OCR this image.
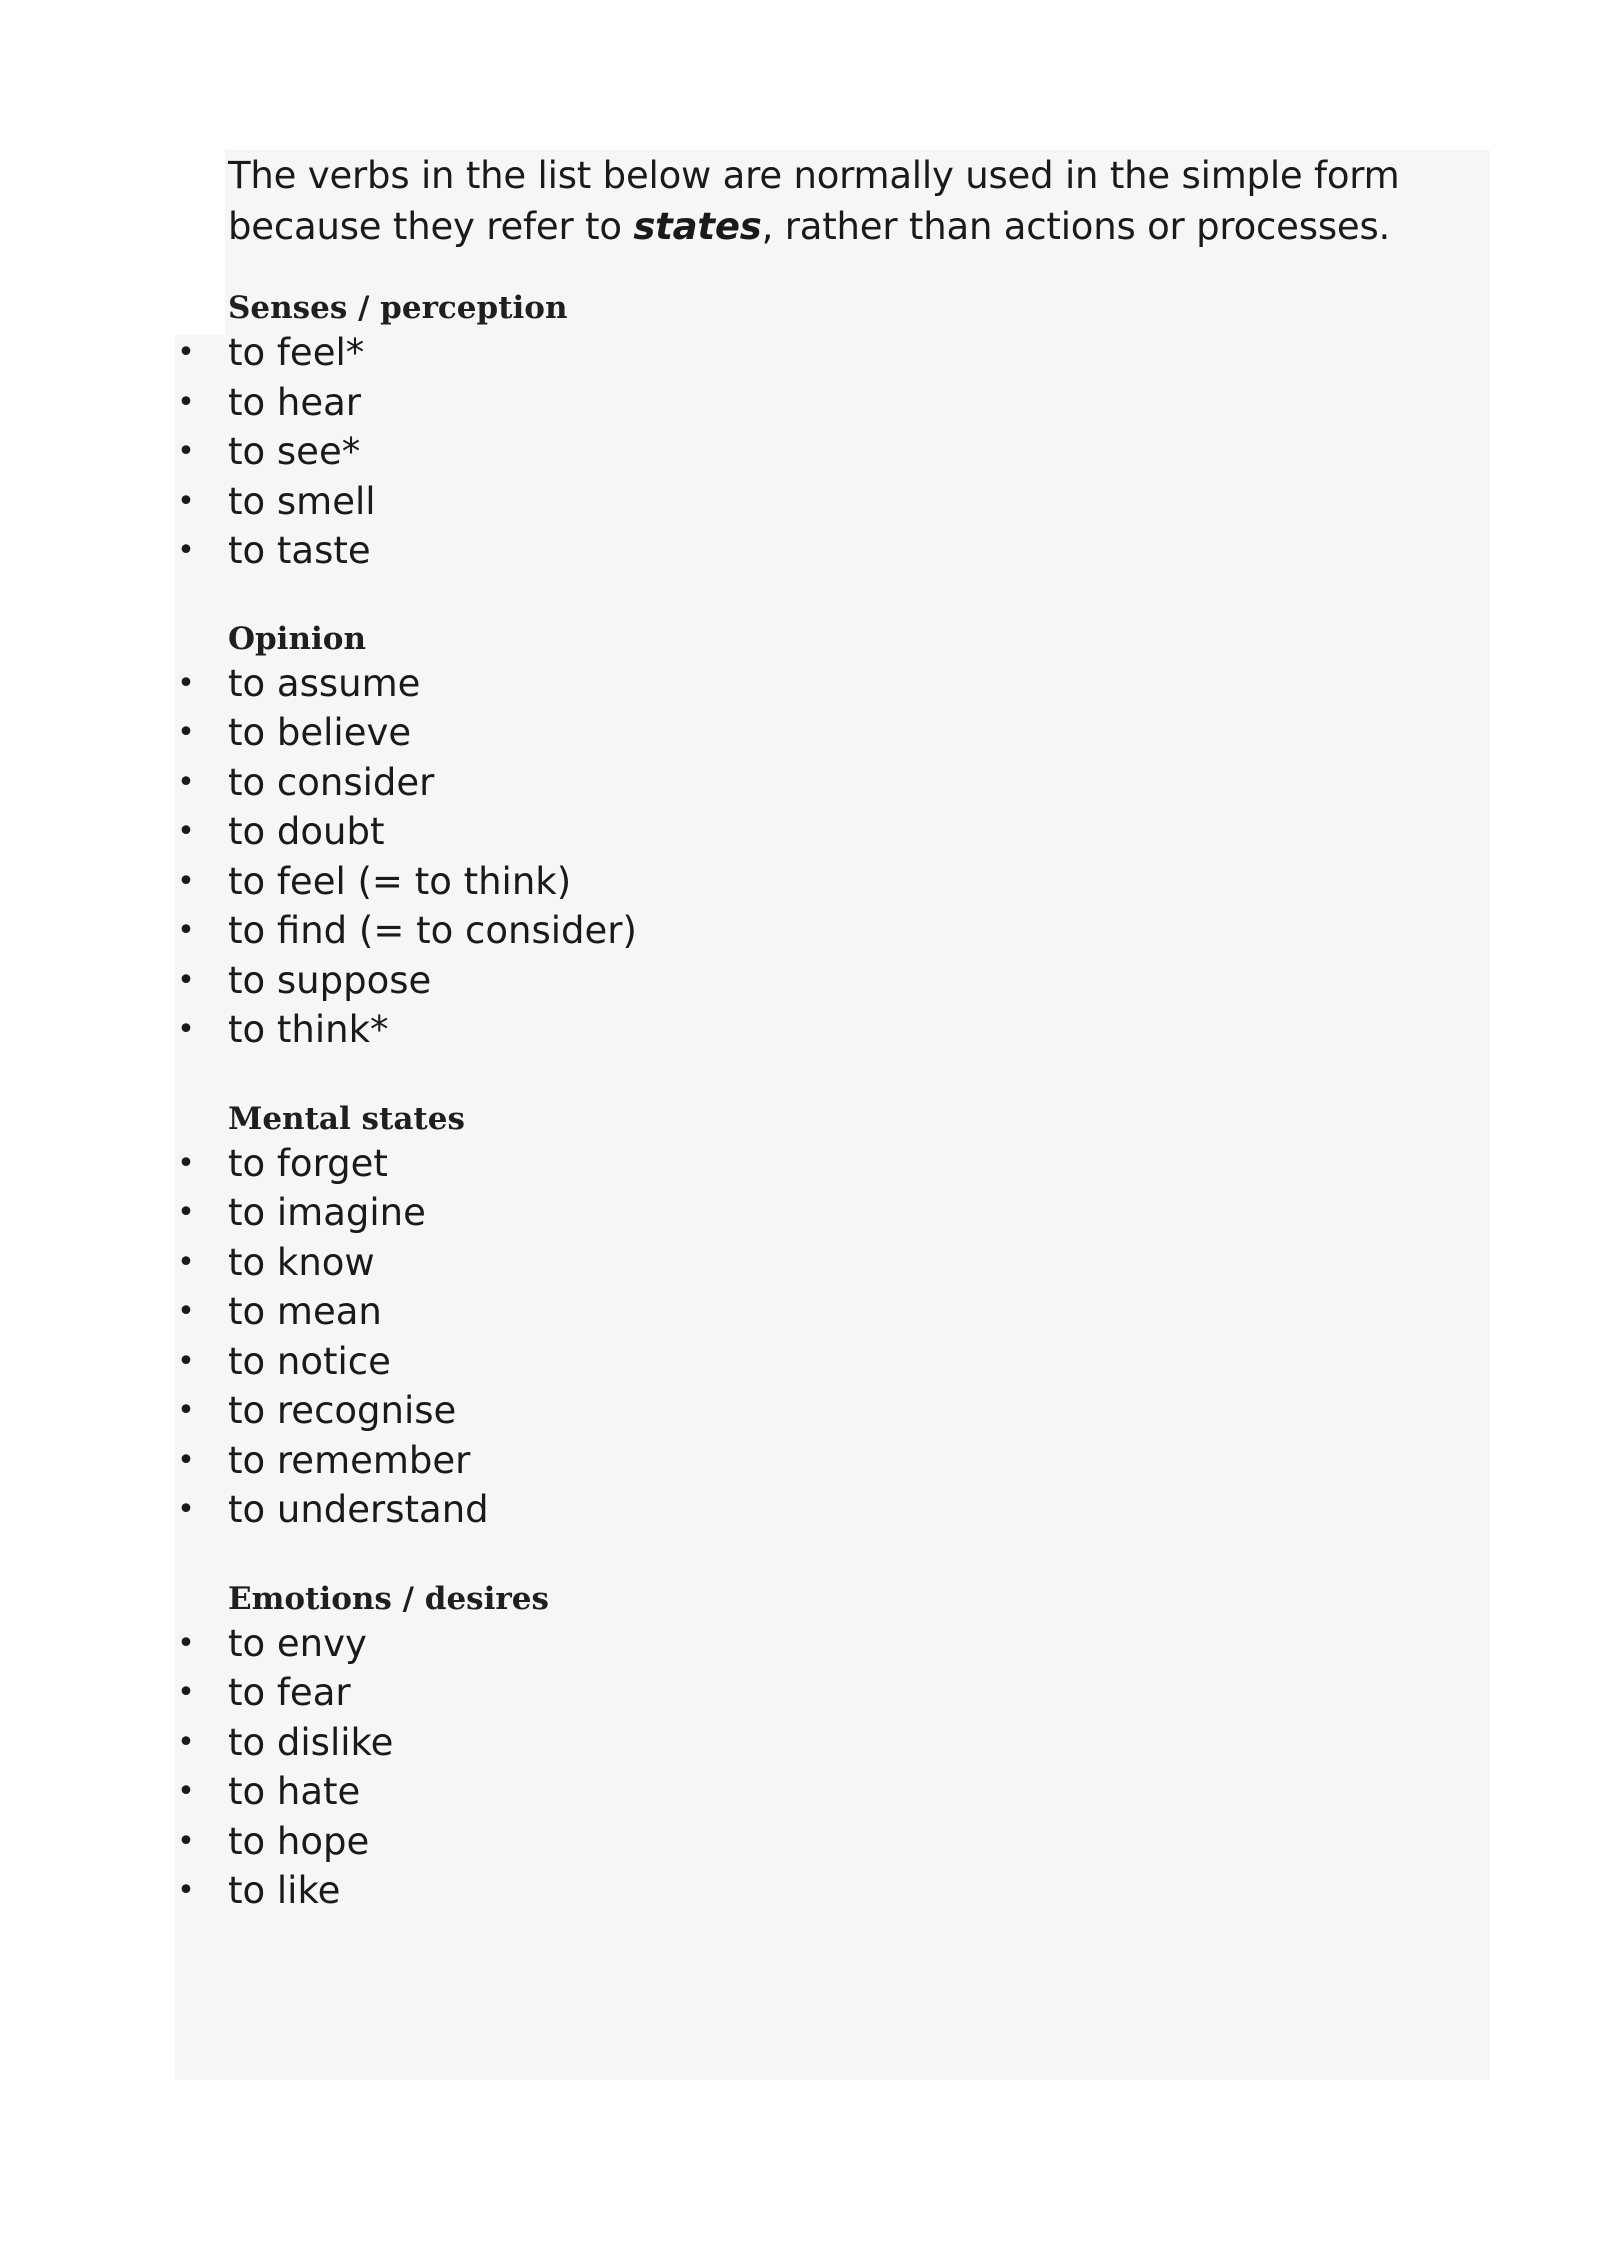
The verbs in the list below are normally used in the simple form because they refer to states, rather than actions or processes.

Senses / perception
• to feel*
• to hear
• to see*
• to smell
• to taste
Opinion
• to assume
• to believe
• to consider
• to doubt
• to feel (= to think)
• to find (= to consider)
• to suppose
• to think*
Mental states
• to forget
• to imagine
• to know
• to mean
• to notice
• to recognise
• to remember
• to understand
Emotions / desires
• to envy
• to fear
• to dislike
• to hate
• to hope
• to like
